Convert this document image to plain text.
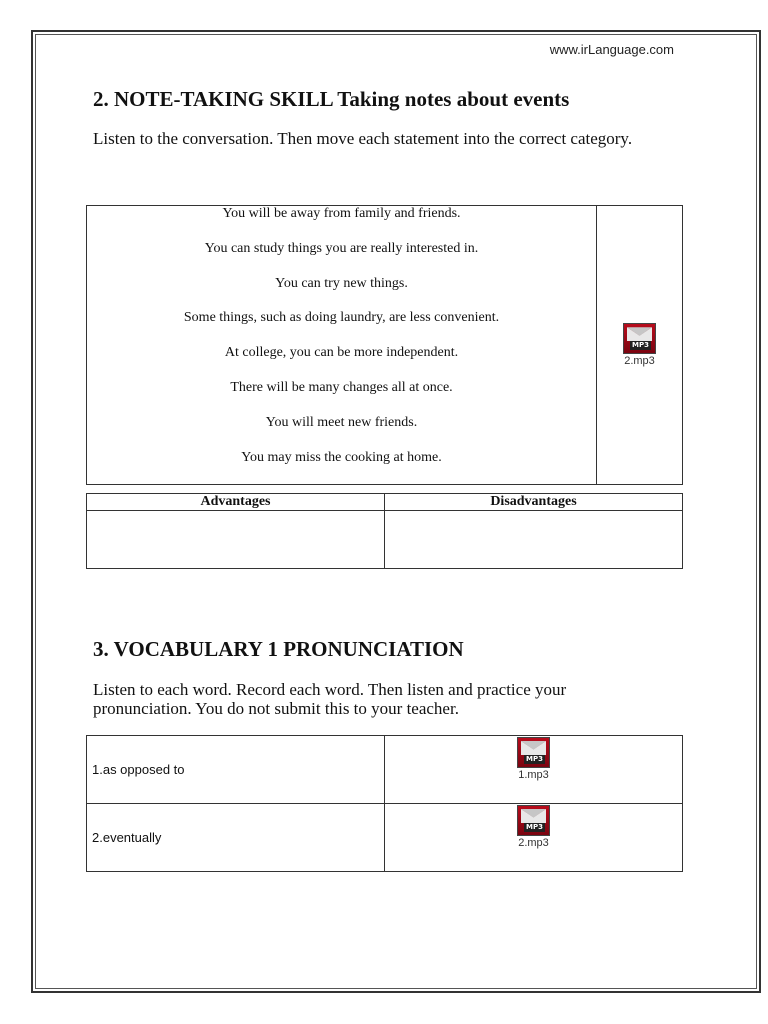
www.irLanguage.com
2. NOTE-TAKING SKILL Taking notes about events
Listen to the conversation. Then move each statement into the correct category.
You will be away from family and friends.
You can study things you are really interested in.
You can try new things.
Some things, such as doing laundry, are less convenient.
At college, you can be more independent.
There will be many changes all at once.
You will meet new friends.
You may miss the cooking at home.

MP3
2.mp3
Advantages	Disadvantages

3. VOCABULARY 1 PRONUNCIATION
Listen to each word. Record each word. Then listen and practice your pronunciation. You do not submit this to your teacher.
1.as opposed to	MP3
1.mp3

2.eventually	MP3
2.mp3
